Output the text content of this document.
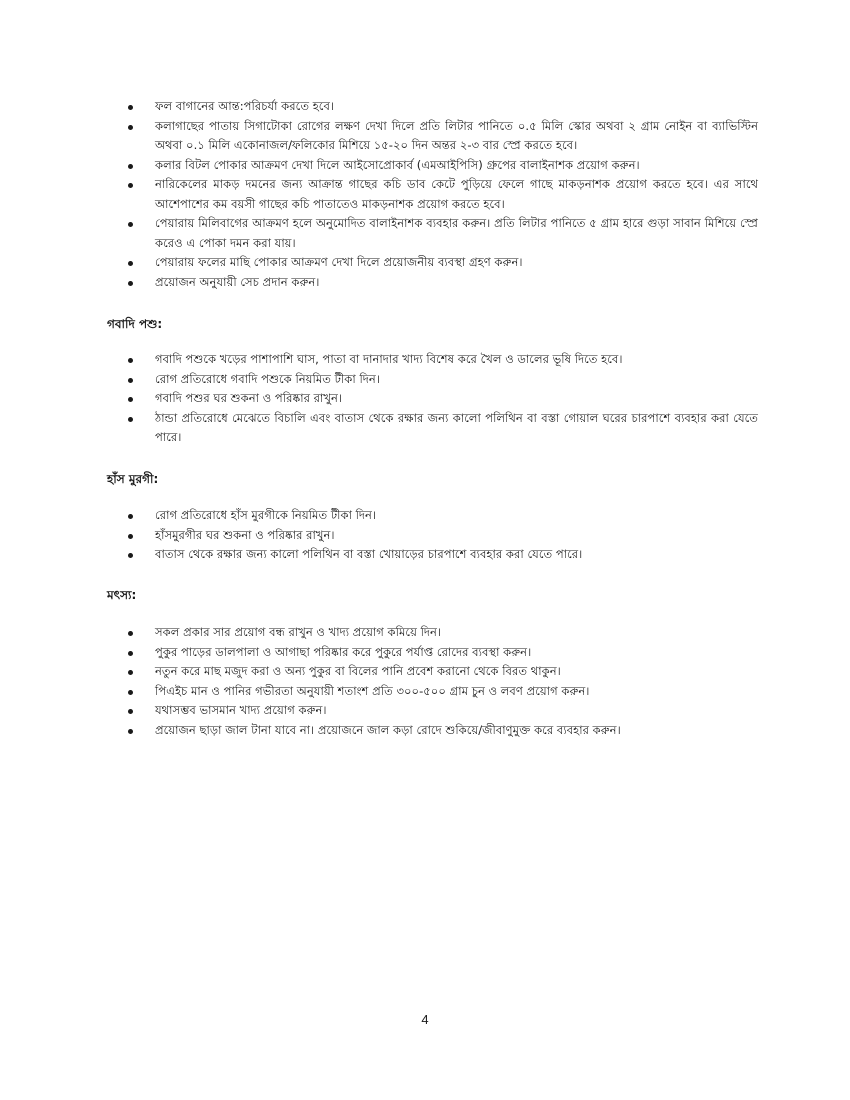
ফল বাগানের আন্ত:পরিচর্যা করতে হবে।
কলাগাছের পাতায় সিগাটোকা রোগের লক্ষণ দেখা দিলে প্রতি লিটার পানিতে ০.৫ মিলি স্কোর অথবা ২ গ্রাম নোইন বা ব্যাভিস্টিন অথবা ০.১ মিলি একোনাজল/ফলিকোর মিশিয়ে ১৫-২০ দিন অন্তর ২-৩ বার স্প্রে করতে হবে।
কলার বিটল পোকার আক্রমণ দেখা দিলে আইসোপ্রোকার্ব (এমআইপিসি) গ্রুপের বালাইনাশক প্রয়োগ করুন।
নারিকেলের মাকড় দমনের জন্য আক্রান্ত গাছের কচি ডাব কেটে পুড়িয়ে ফেলে গাছে মাকড়নাশক প্রয়োগ করতে হবে। এর সাথে আশেপাশের কম বয়সী গাছের কচি পাতাতেও মাকড়নাশক প্রয়োগ করতে হবে।
পেয়ারায় মিলিবাগের আক্রমণ হলে অনুমোদিত বালাইনাশক ব্যবহার করুন। প্রতি লিটার পানিতে ৫ গ্রাম হারে গুড়া সাবান মিশিয়ে স্প্রে করেও এ পোকা দমন করা যায়।
পেয়ারায় ফলের মাছি পোকার আক্রমণ দেখা দিলে প্রয়োজনীয় ব্যবস্থা গ্রহণ করুন।
প্রয়োজন অনুযায়ী সেচ প্রদান করুন।
গবাদি পশু:
গবাদি পশুকে খড়ের পাশাপাশি ঘাস, পাতা বা দানাদার খাদ্য বিশেষ করে খৈল ও ডালের ভূষি দিতে হবে।
রোগ প্রতিরোধে গবাদি পশুকে নিয়মিত টীকা দিন।
গবাদি পশুর ঘর শুকনা ও পরিষ্কার রাখুন।
ঠান্ডা প্রতিরোধে মেঝেতে বিচালি এবং বাতাস থেকে রক্ষার জন্য কালো পলিথিন বা বস্তা গোয়াল ঘরের চারপাশে ব্যবহার করা যেতে পারে।
হাঁস মুরগী:
রোগ প্রতিরোধে হাঁস মুরগীকে নিয়মিত টীকা দিন।
হাঁসমুরগীর ঘর শুকনা ও পরিষ্কার রাখুন।
বাতাস থেকে রক্ষার জন্য কালো পলিথিন বা বস্তা খোয়াড়ের চারপাশে ব্যবহার করা যেতে পারে।
মৎস্য:
সকল প্রকার সার প্রয়োগ বন্ধ রাখুন ও খাদ্য প্রয়োগ কমিয়ে দিন।
পুকুর পাড়ের ডালপালা ও আগাছা পরিষ্কার করে পুকুরে পর্যাপ্ত রোদের ব্যবস্থা করুন।
নতুন করে মাছ মজুদ করা ও অন্য পুকুর বা বিলের পানি প্রবেশ করানো থেকে বিরত থাকুন।
পিএইচ মান ও পানির গভীরতা অনুযায়ী শতাংশ প্রতি ৩০০-৫০০ গ্রাম চুন ও লবণ প্রয়োগ করুন।
যথাসম্ভব ভাসমান খাদ্য প্রয়োগ করুন।
প্রয়োজন ছাড়া জাল টানা যাবে না। প্রয়োজনে জাল কড়া রোদে শুকিয়ে/জীবাণুমুক্ত করে ব্যবহার করুন।
4
